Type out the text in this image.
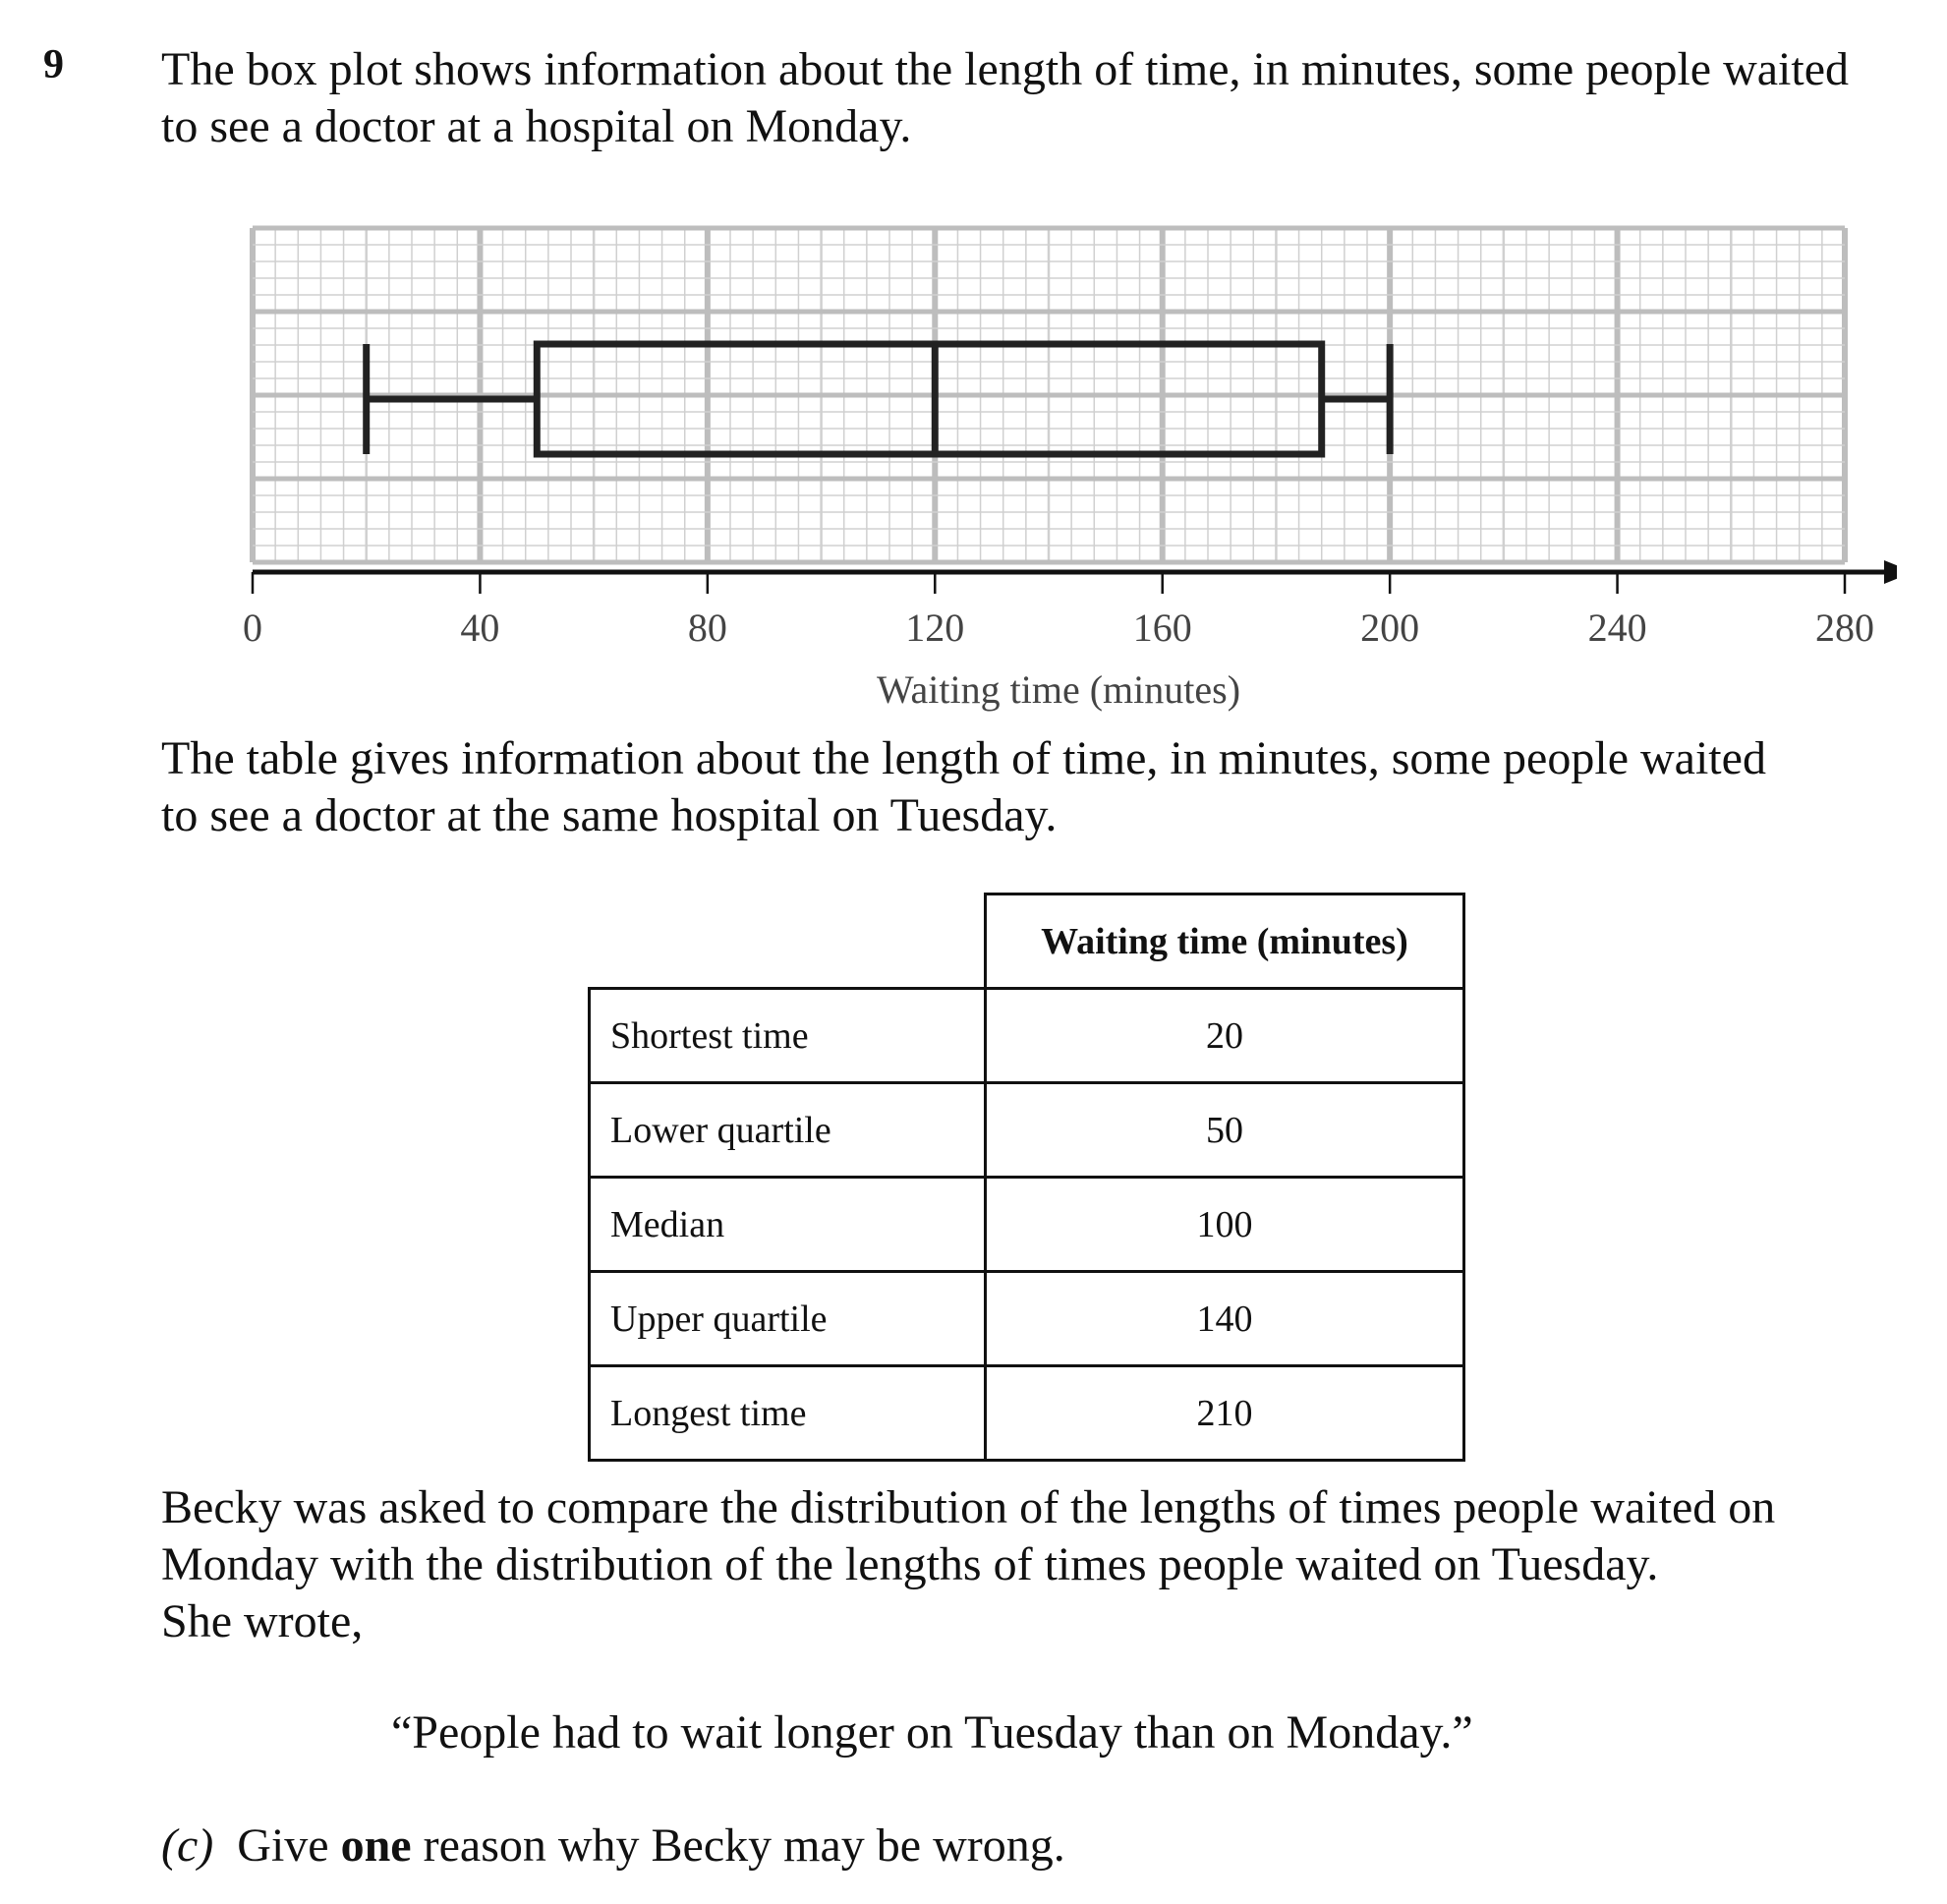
9 The box plot shows information about the length of time, in minutes, some people waited
to see a doctor at a hospital on Monday.
0	40	80	120	160	200	240	280
Waiting time (minutes)
The table gives information about the length of time, in minutes, some people waited
to see a doctor at the same hospital on Tuesday.
	Waiting time (minutes)
Shortest time	20
Lower quartile	50
Median	100
Upper quartile	140
Longest time	210
Becky was asked to compare the distribution of the lengths of times people waited on
Monday with the distribution of the lengths of times people waited on Tuesday.
She wrote,
“People had to wait longer on Tuesday than on Monday.”
(c) Give one reason why Becky may be wrong.
